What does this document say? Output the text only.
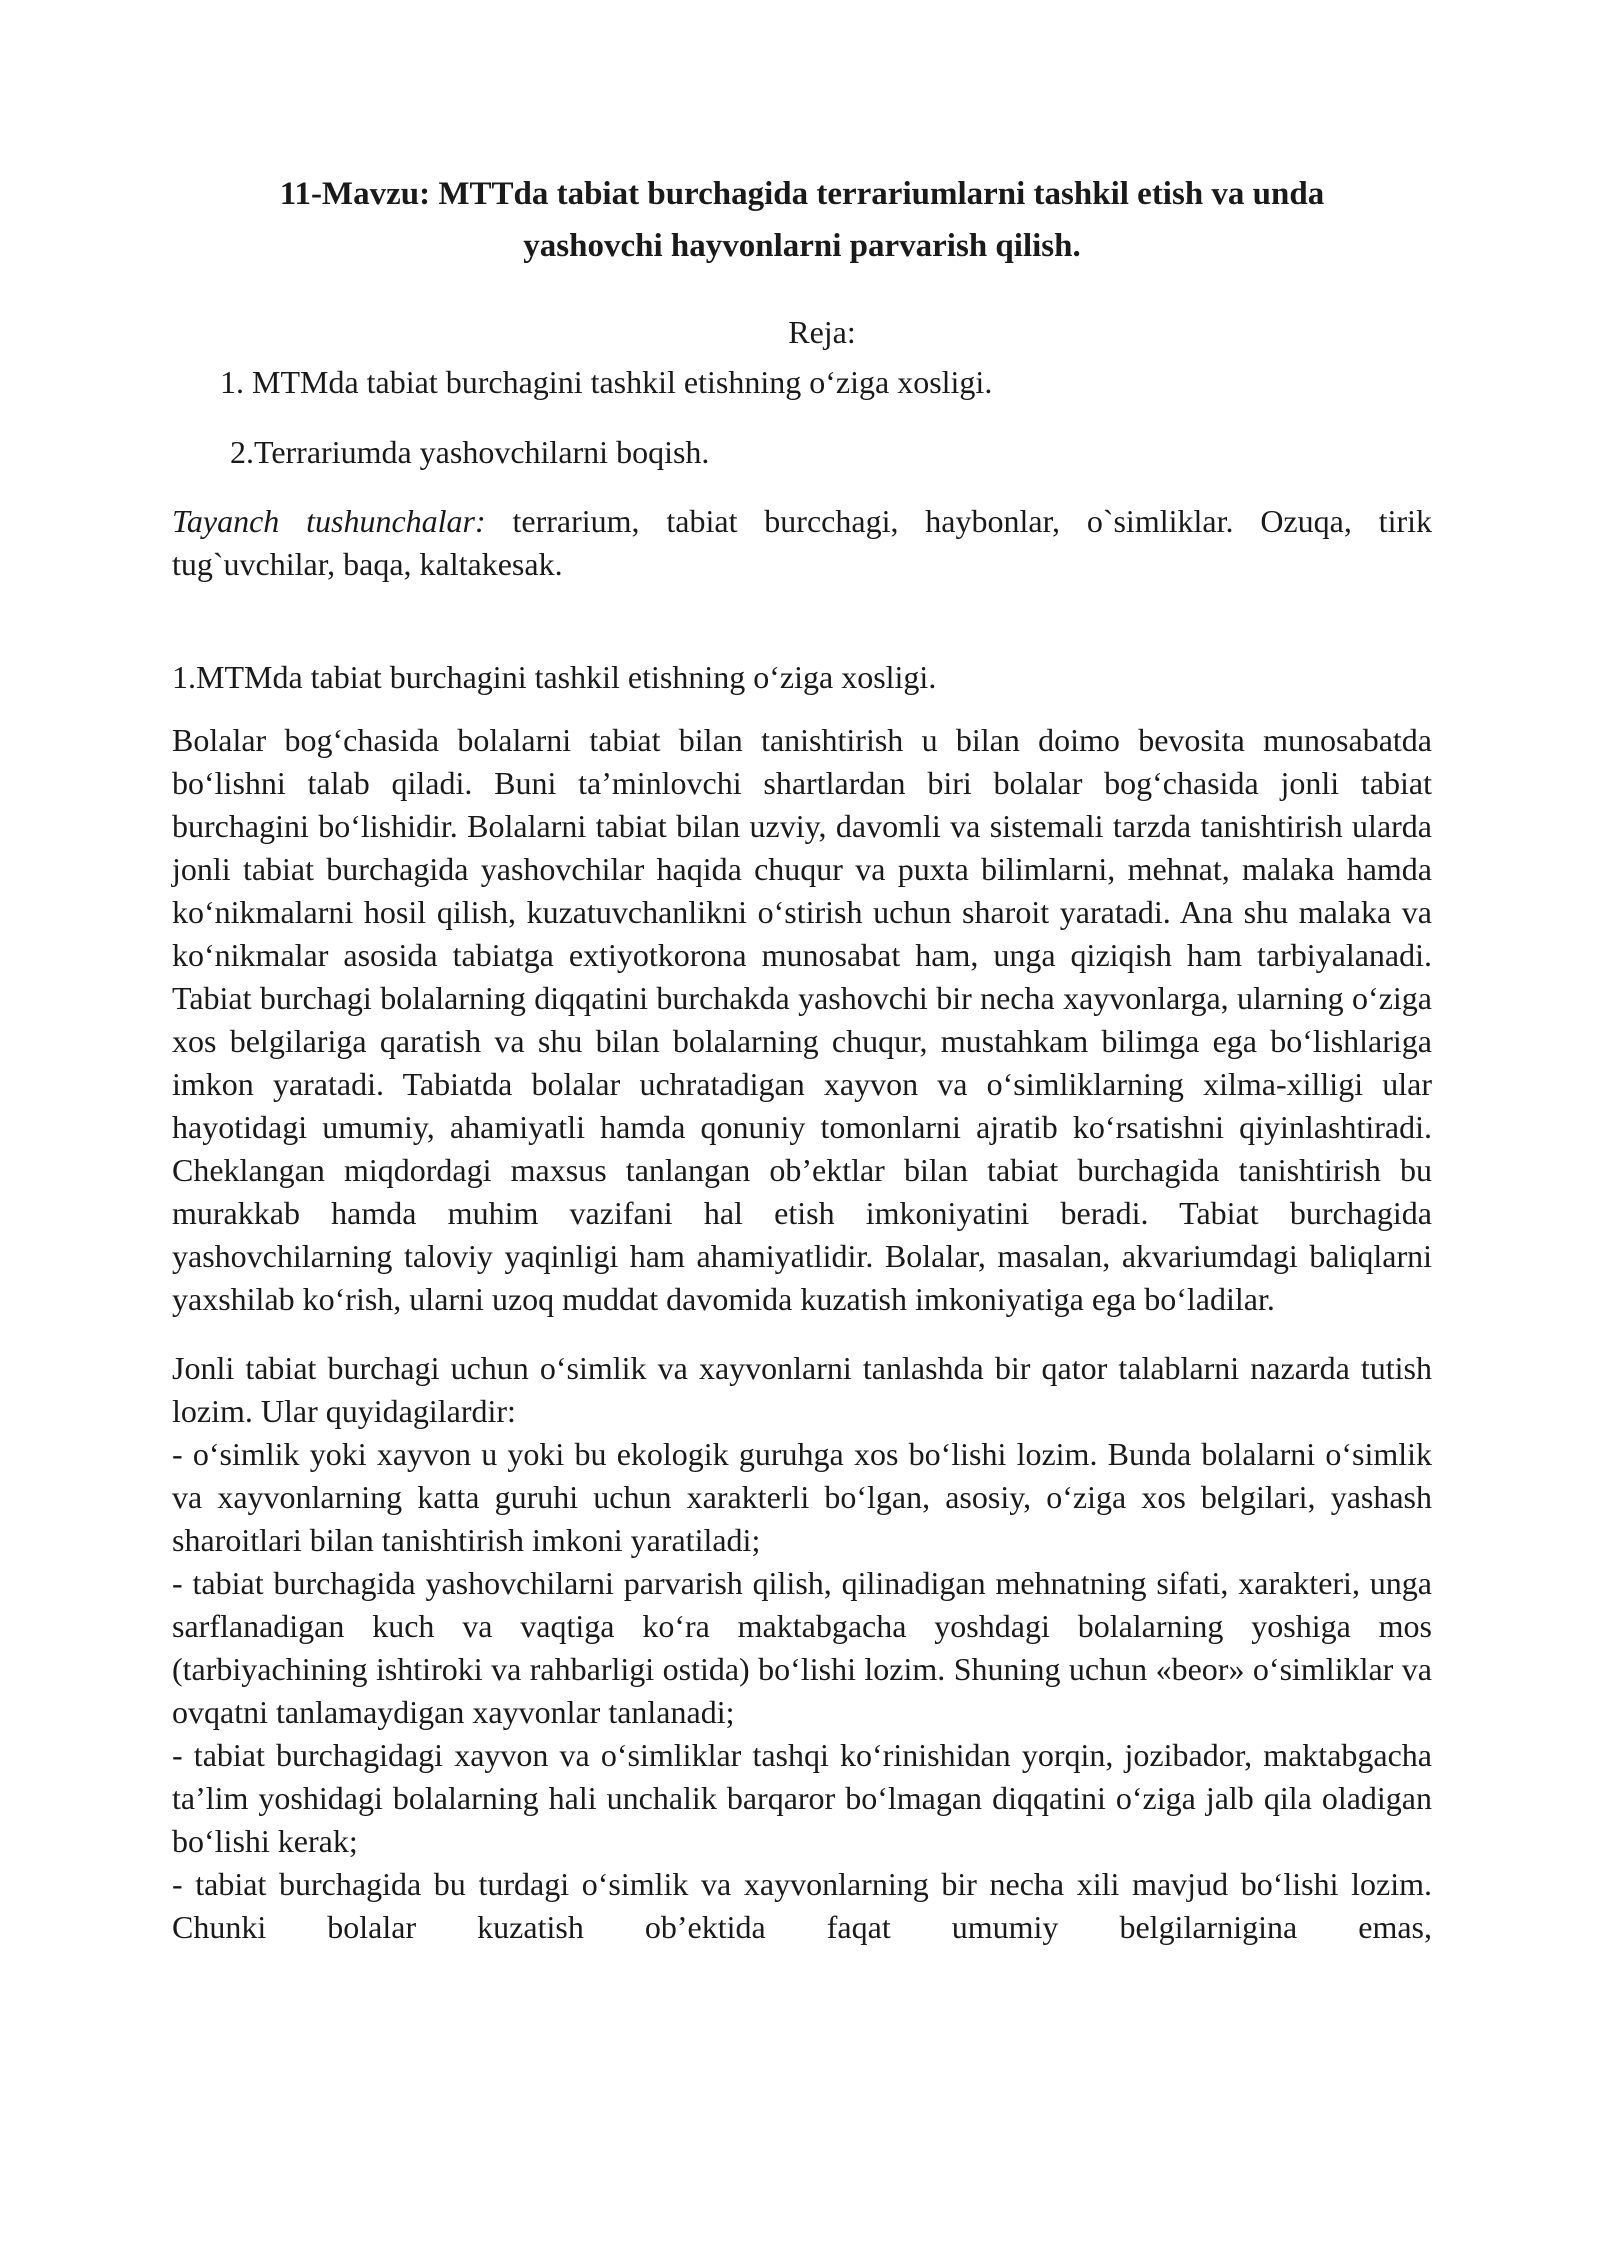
11-Mavzu: MTTda tabiat burchagida terrariumlarni tashkil etish va unda
yashovchi hayvonlarni parvarish qilish.
Reja:
1. MTMda tabiat burchagini tashkil etishning o‘ziga xosligi.
2.Terrariumda yashovchilarni boqish.
Tayanch tushunchalar: terrarium, tabiat burcchagi, haybonlar, o`simliklar. Ozuqa, tirik tug`uvchilar, baqa, kaltakesak.
1.MTMda tabiat burchagini tashkil etishning o‘ziga xosligi.
Bolalar bog‘chasida bolalarni tabiat bilan tanishtirish u bilan doimo bevosita munosabatda bo‘lishni talab qiladi. Buni ta’minlovchi shartlardan biri bolalar bog‘chasida jonli tabiat burchagini bo‘lishidir. Bolalarni tabiat bilan uzviy, davomli va sistemali tarzda tanishtirish ularda jonli tabiat burchagida yashovchilar haqida chuqur va puxta bilimlarni, mehnat, malaka hamda ko‘nikmalarni hosil qilish, kuzatuvchanlikni o‘stirish uchun sharoit yaratadi. Ana shu malaka va ko‘nikmalar asosida tabiatga extiyotkorona munosabat ham, unga qiziqish ham tarbiyalanadi. Tabiat burchagi bolalarning diqqatini burchakda yashovchi bir necha xayvonlarga, ularning o‘ziga xos belgilariga qaratish va shu bilan bolalarning chuqur, mustahkam bilimga ega bo‘lishlariga imkon yaratadi. Tabiatda bolalar uchratadigan xayvon va o‘simliklarning xilma-xilligi ular hayotidagi umumiy, ahamiyatli hamda qonuniy tomonlarni ajratib ko‘rsatishni qiyinlashtiradi. Cheklangan miqdordagi maxsus tanlangan ob’ektlar bilan tabiat burchagida tanishtirish bu murakkab hamda muhim vazifani hal etish imkoniyatini beradi. Tabiat burchagida yashovchilarning taloviy yaqinligi ham ahamiyatlidir. Bolalar, masalan, akvariumdagi baliqlarni yaxshilab ko‘rish, ularni uzoq muddat davomida kuzatish imkoniyatiga ega bo‘ladilar.
Jonli tabiat burchagi uchun o‘simlik va xayvonlarni tanlashda bir qator talablarni nazarda tutish lozim. Ular quyidagilardir:
- o‘simlik yoki xayvon u yoki bu ekologik guruhga xos bo‘lishi lozim. Bunda bolalarni o‘simlik va xayvonlarning katta guruhi uchun xarakterli bo‘lgan, asosiy, o‘ziga xos belgilari, yashash sharoitlari bilan tanishtirish imkoni yaratiladi;
- tabiat burchagida yashovchilarni parvarish qilish, qilinadigan mehnatning sifati, xarakteri, unga sarflanadigan kuch va vaqtiga ko‘ra maktabgacha yoshdagi bolalarning yoshiga mos (tarbiyachining ishtiroki va rahbarligi ostida) bo‘lishi lozim. Shuning uchun «beor» o‘simliklar va ovqatni tanlamaydigan xayvonlar tanlanadi;
- tabiat burchagidagi xayvon va o‘simliklar tashqi ko‘rinishidan yorqin, jozibador, maktabgacha ta’lim yoshidagi bolalarning hali unchalik barqaror bo‘lmagan diqqatini o‘ziga jalb qila oladigan bo‘lishi kerak;
- tabiat burchagida bu turdagi o‘simlik va xayvonlarning bir necha xili mavjud bo‘lishi lozim. Chunki bolalar kuzatish ob’ektida faqat umumiy belgilarnigina emas,
